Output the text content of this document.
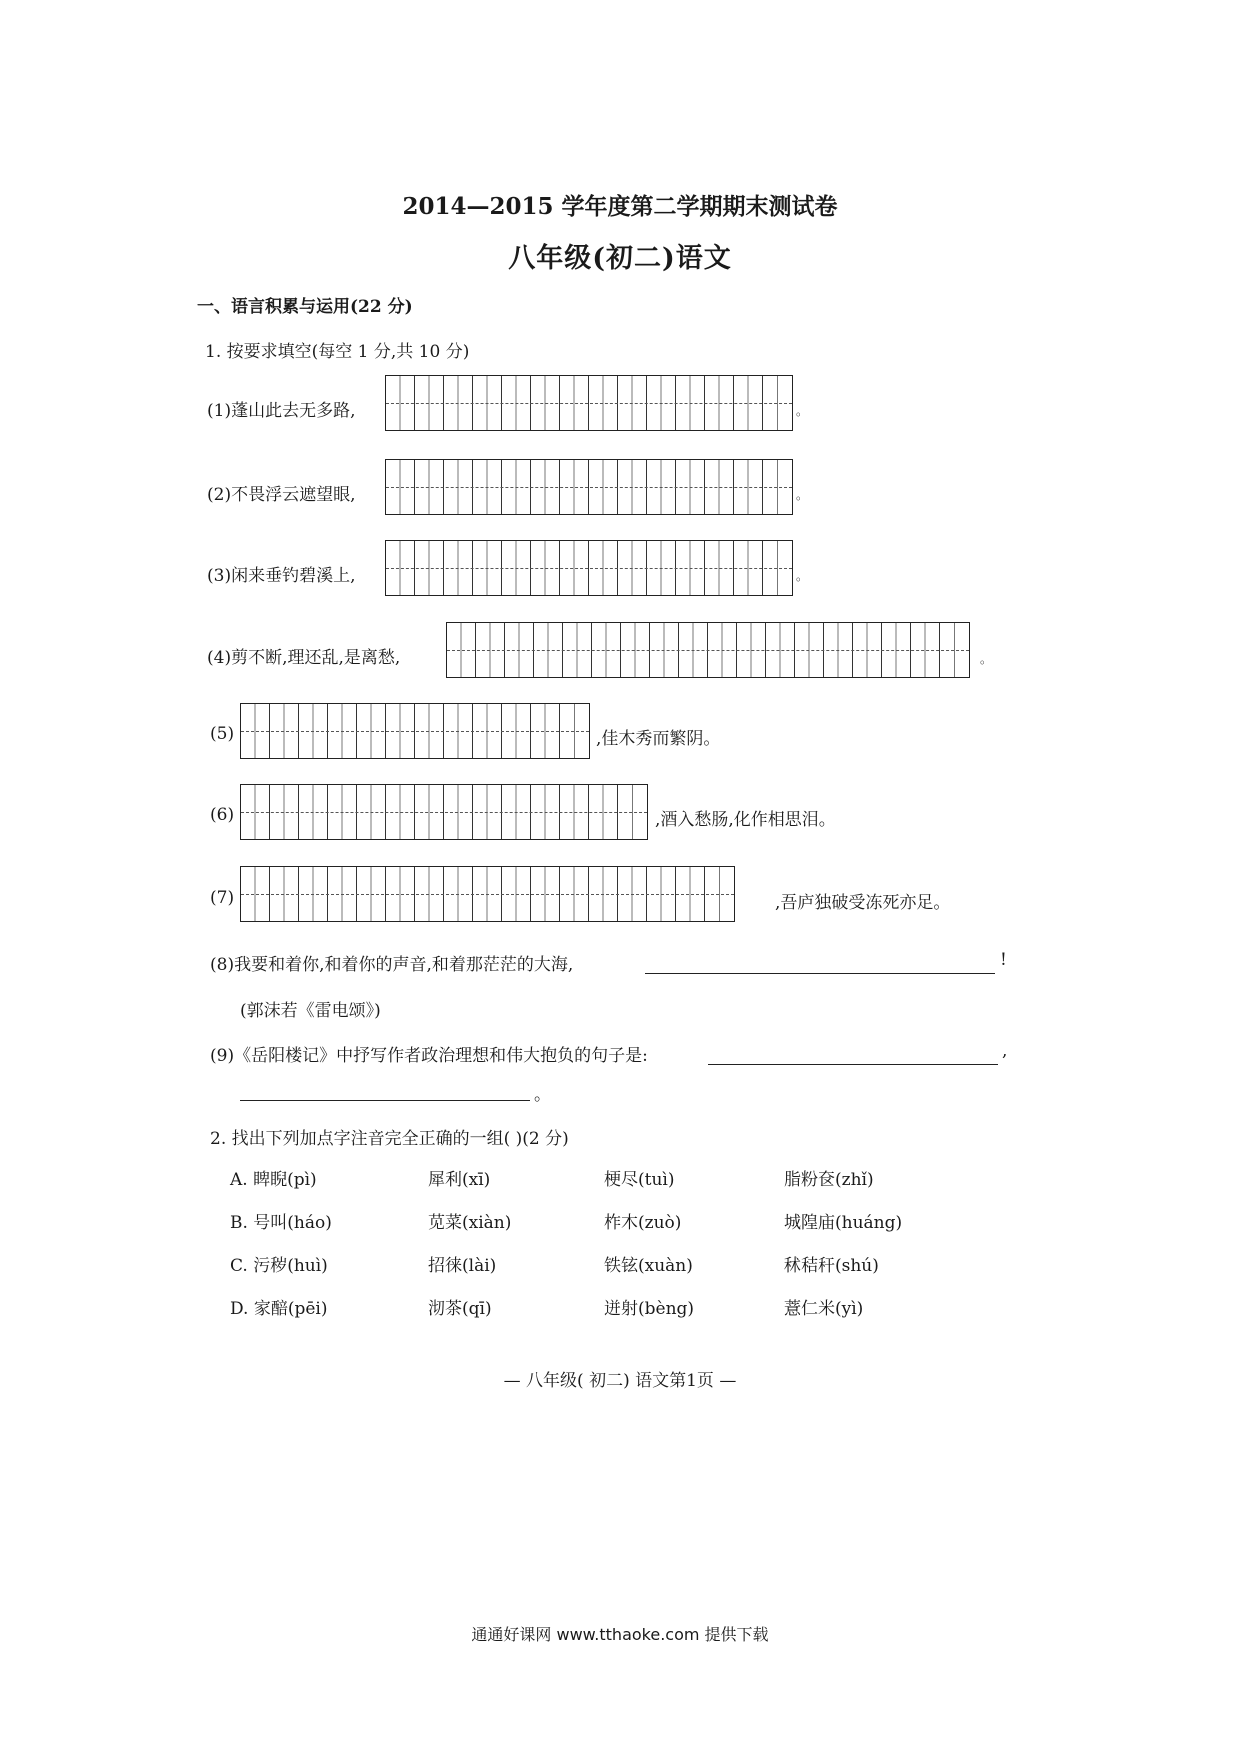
2014—2015 学年度第二学期期末测试卷
八年级(初二)语文
一、语言积累与运用(22 分)
1. 按要求填空(每空 1 分,共 10 分)
(1)蓬山此去无多路,	。
(2)不畏浮云遮望眼,	。
(3)闲来垂钓碧溪上,	。
(4)剪不断,理还乱,是离愁,	。
(5)	,佳木秀而繁阴。
(6)	,酒入愁肠,化作相思泪。
(7)	,吾庐独破受冻死亦足。
(8)我要和着你,和着你的声音,和着那茫茫的大海,	!
(郭沫若《雷电颂》)
(9)《岳阳楼记》中抒写作者政治理想和伟大抱负的句子是:	,
。
2. 找出下列加点字注音完全正确的一组( )(2 分)
A. 睥睨(pì)	犀利(xī)	梗尽(tuì)	脂粉奁(zhǐ)
B. 号叫(háo)	苋菜(xiàn)	柞木(zuò)	城隍庙(huáng)
C. 污秽(huì)	招徕(lài)	铁铉(xuàn)	秫秸秆(shú)
D. 家醅(pēi)	沏茶(qī)	迸射(bèng)	薏仁米(yì)
— 八年级( 初二) 语文第1页 —
通通好课网 www.tthaoke.com 提供下载
